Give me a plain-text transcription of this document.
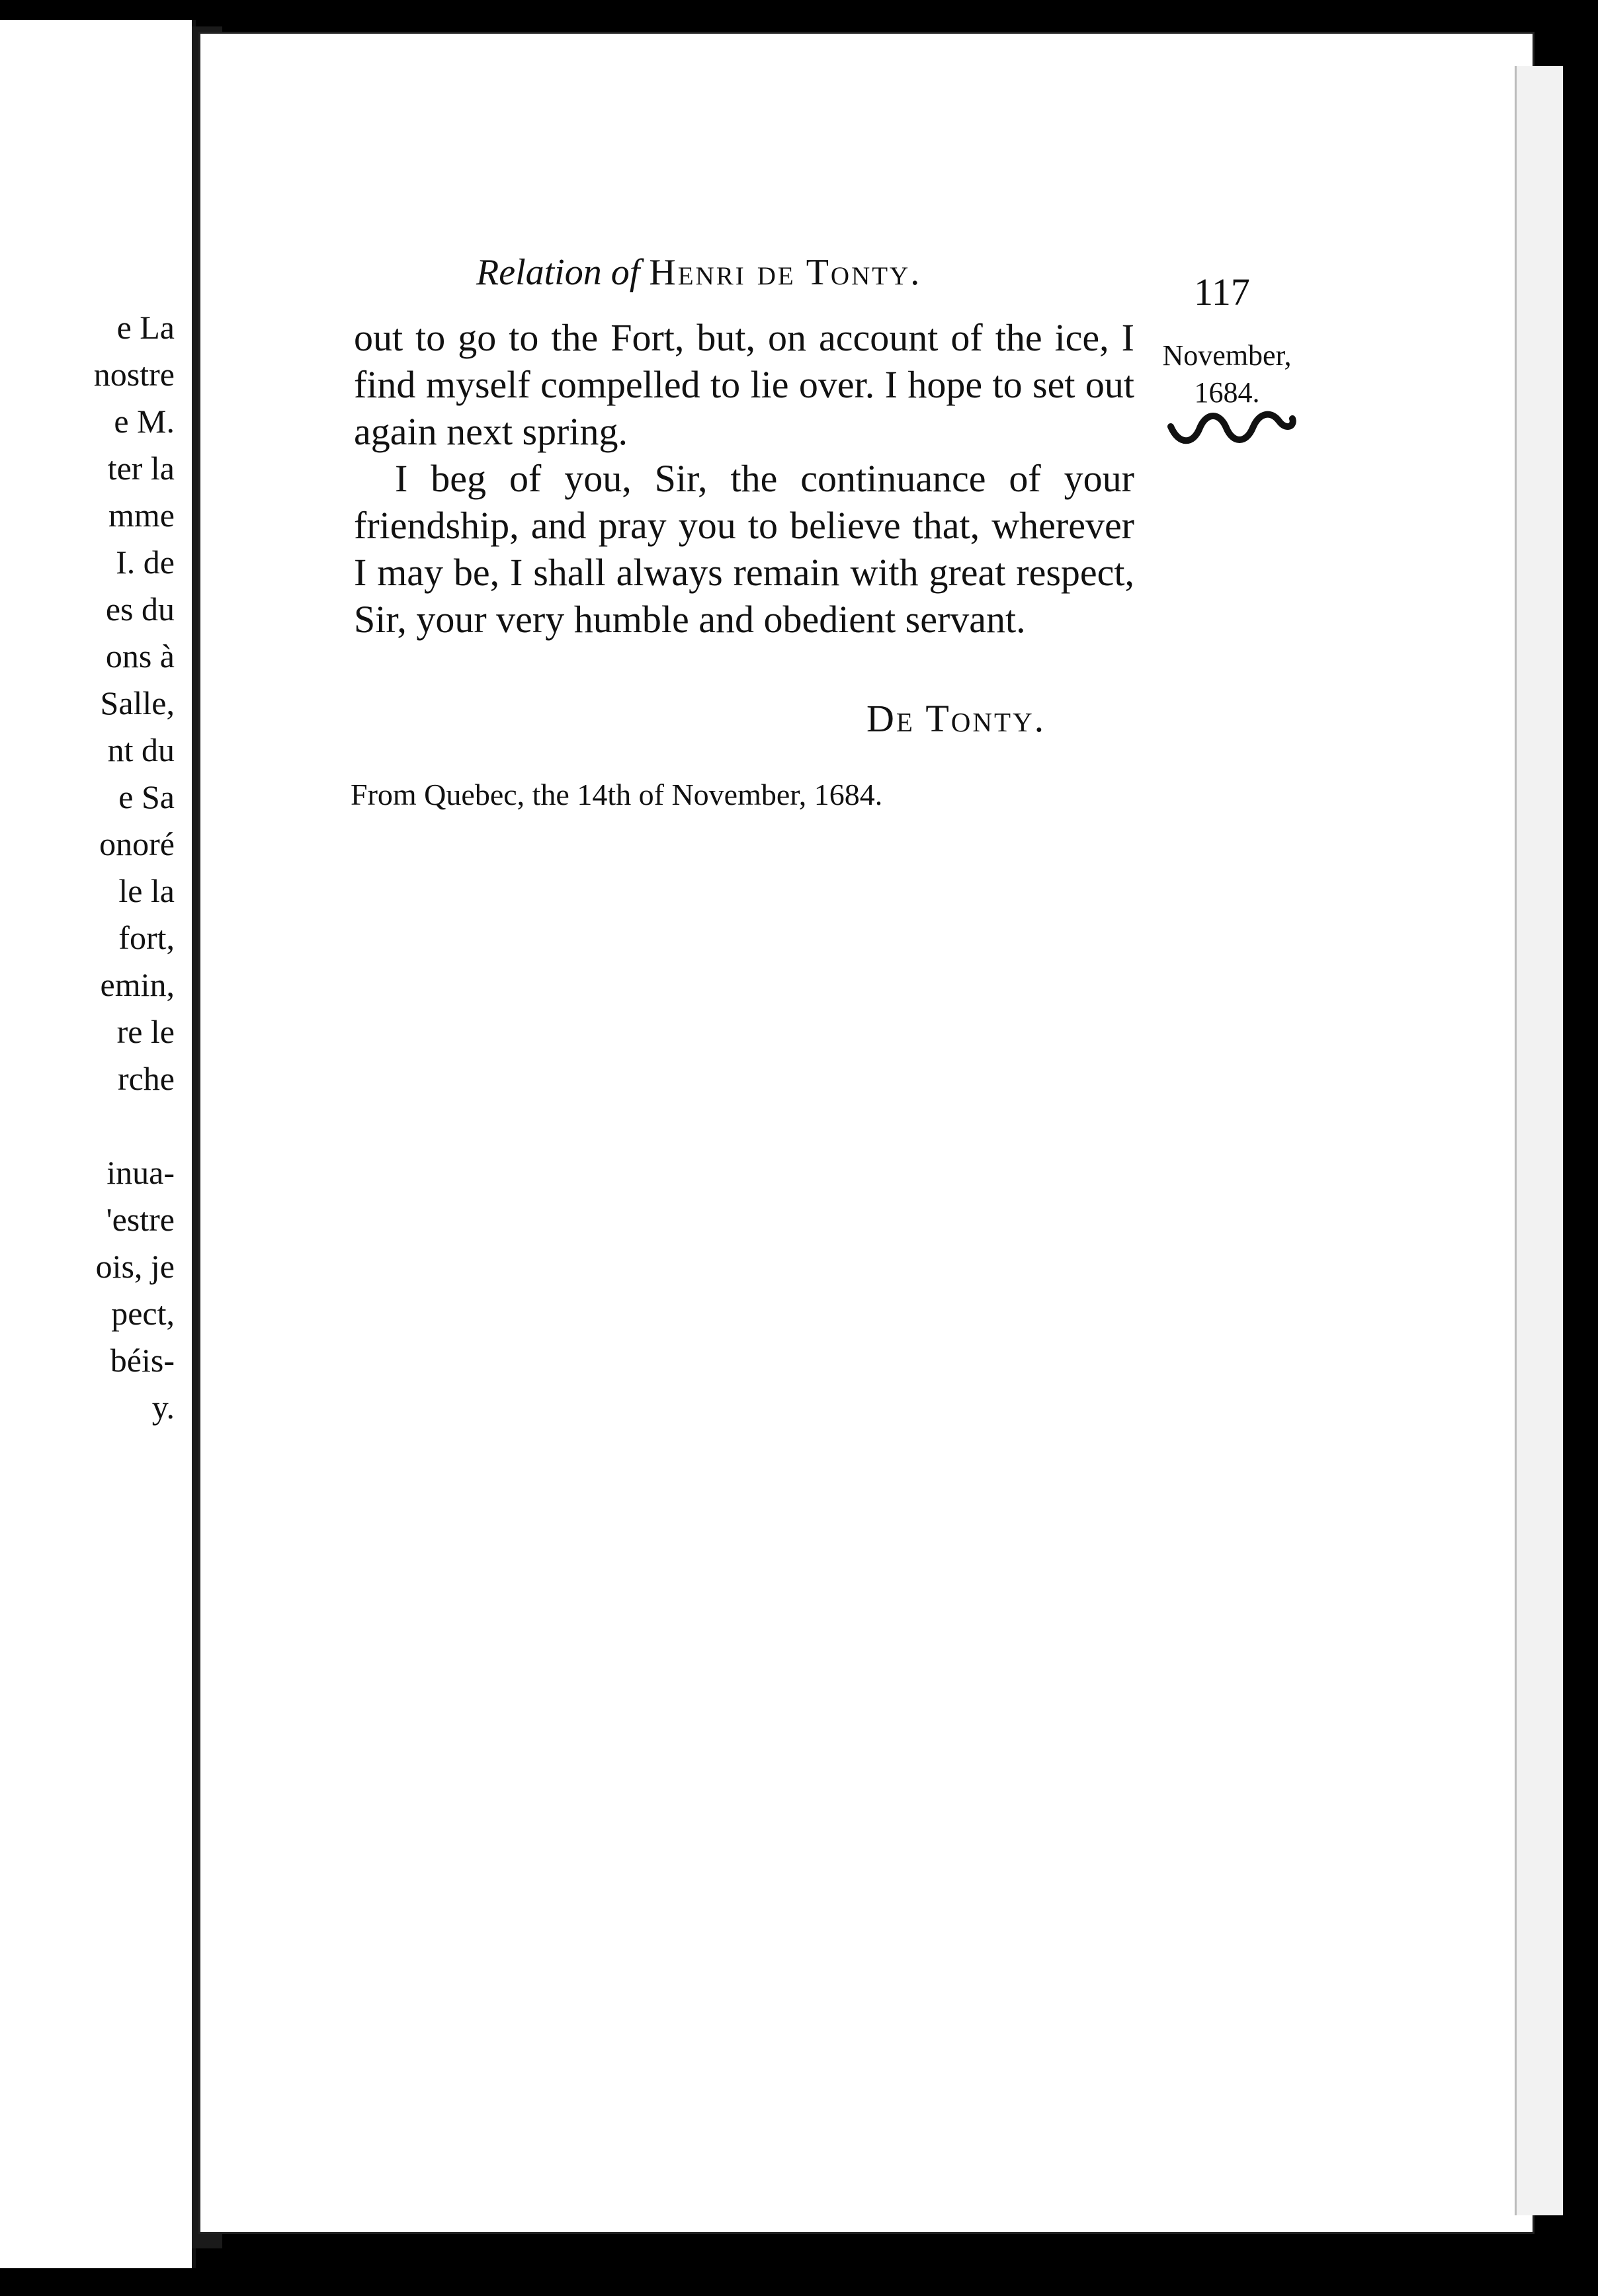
e La
nostre
e M.
ter la
mme
I. de
es du
ons à
Salle,
nt du
e Sa
onoré
le la
fort,
emin,
re le
rche
inua-
'estre
ois, je
pect,
béis-
y.
Relation of Henri de Tonty.	117

out to go to the Fort, but, on account of the ice, I find myself compelled to lie over. I hope to set out again next spring.

I beg of you, Sir, the continuance of your friendship, and pray you to believe that, wherever I may be, I shall always remain with great respect, Sir, your very humble and obedient servant.

De Tonty.
From Quebec, the 14th of November, 1684.
November,
1684.
